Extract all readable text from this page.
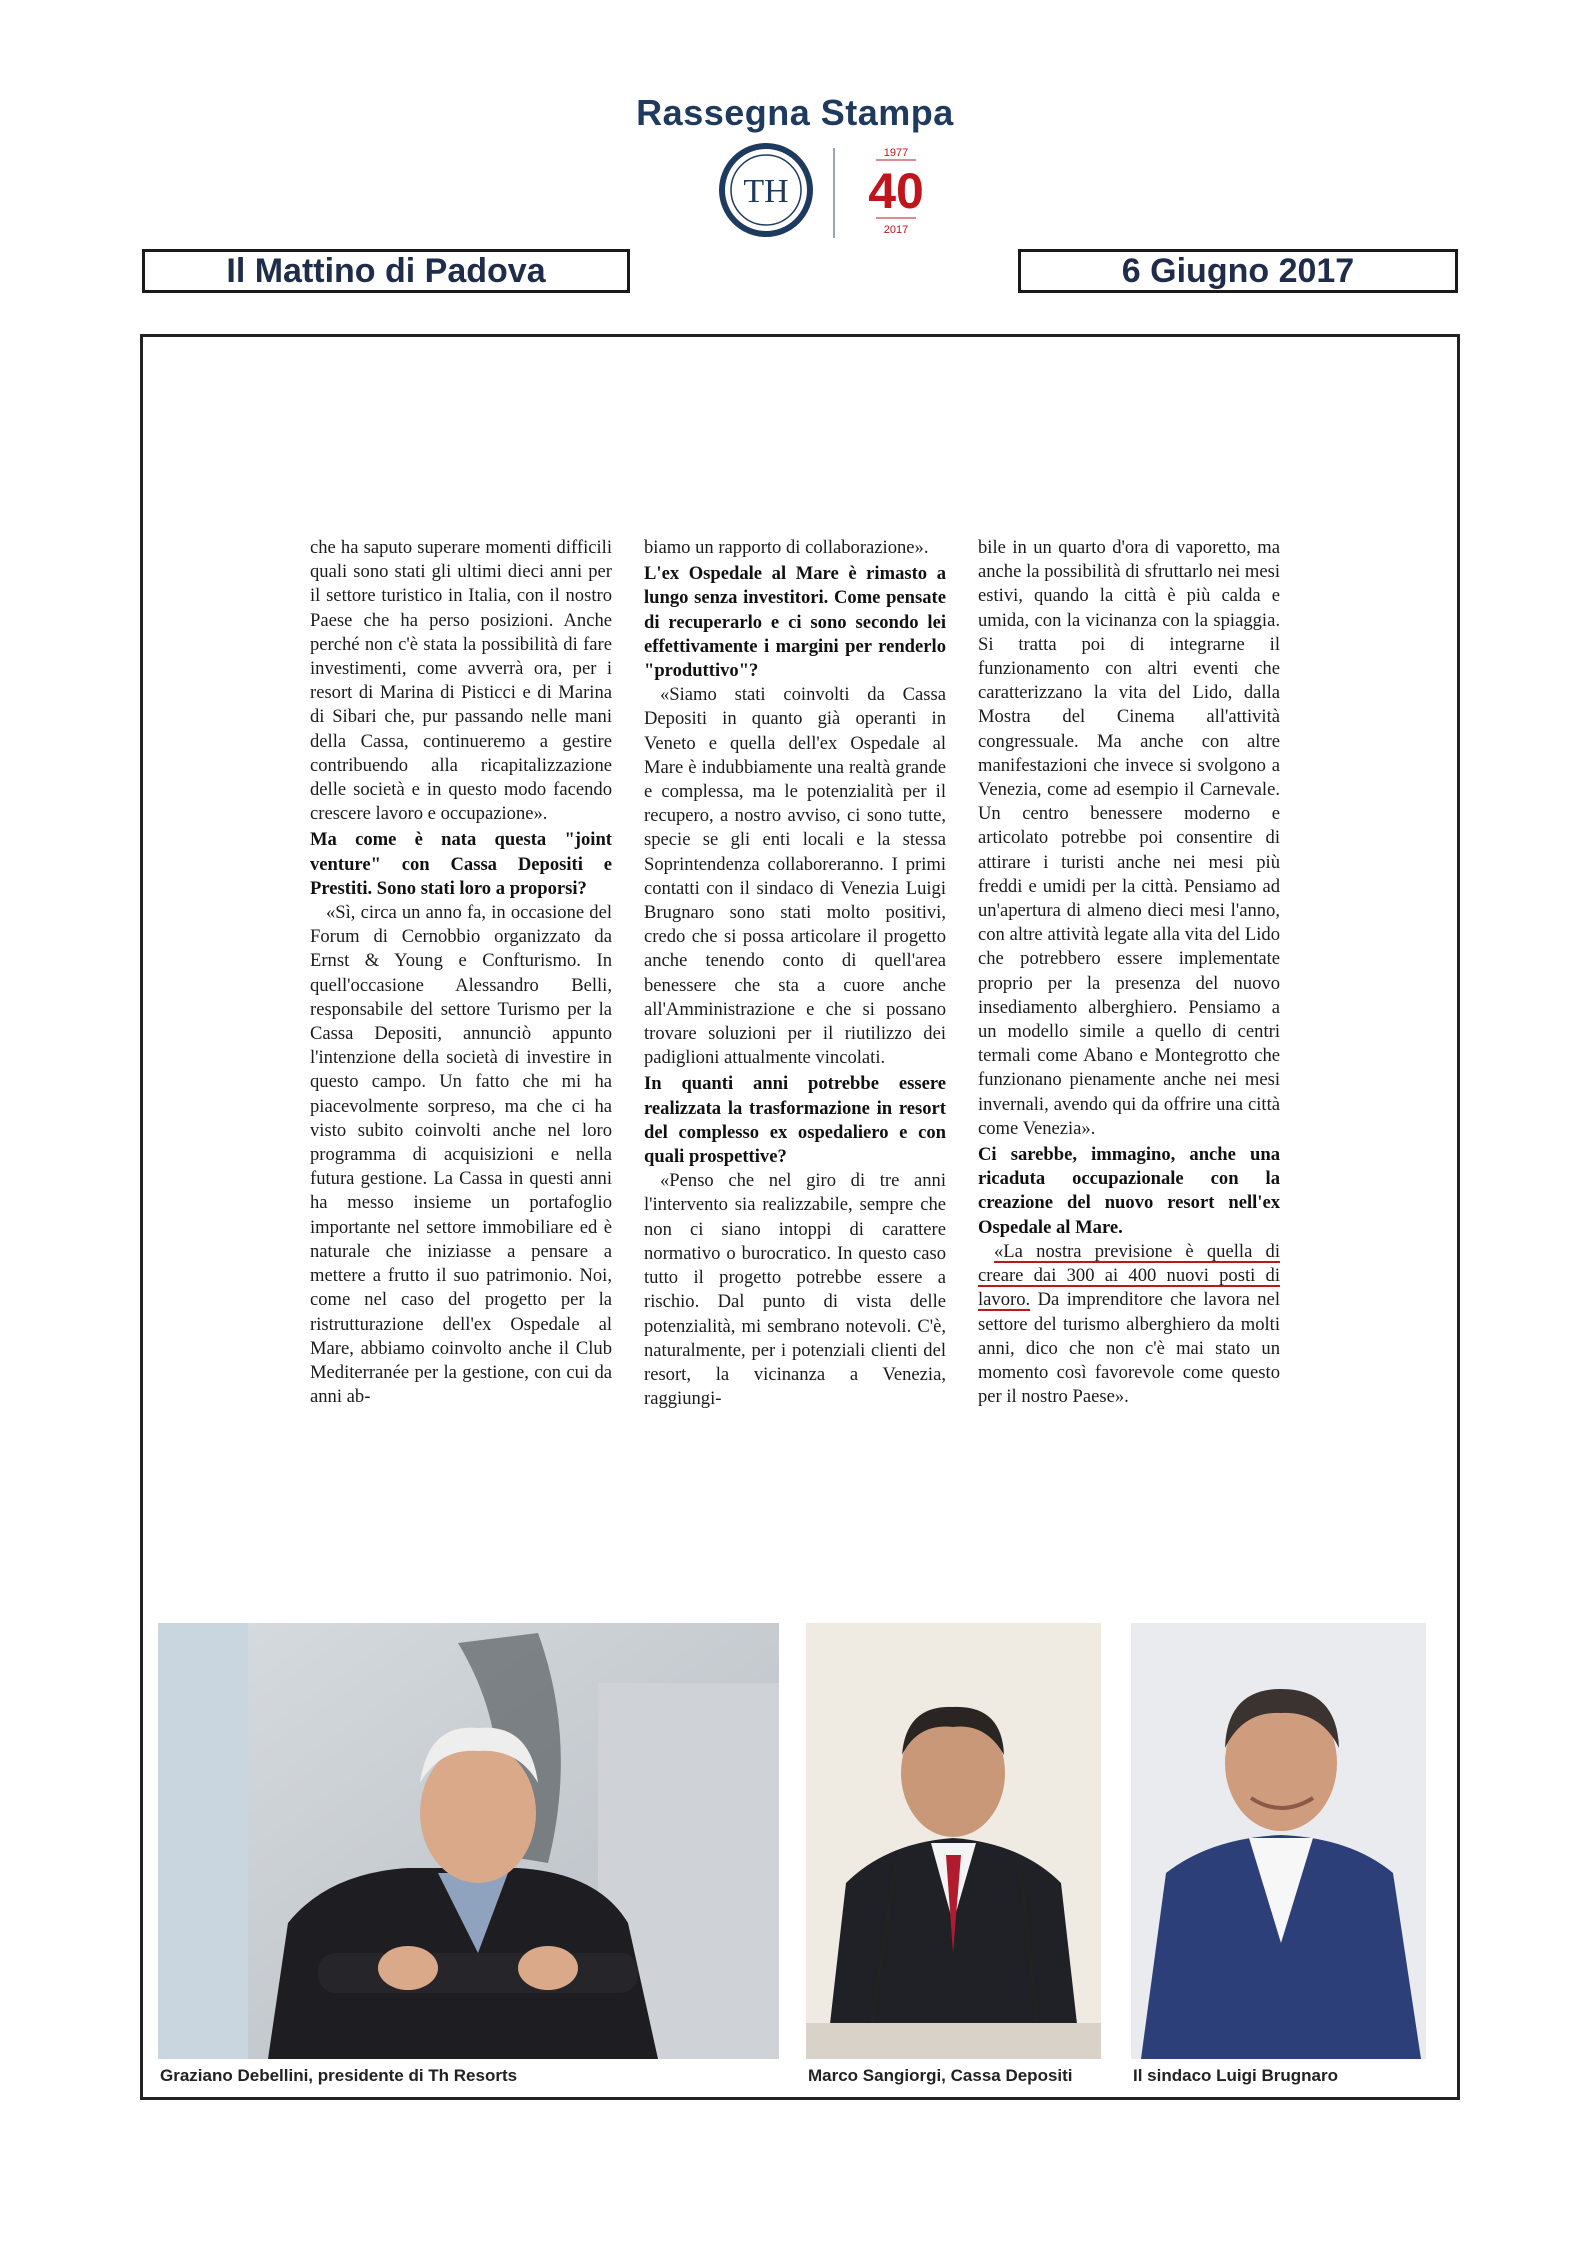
Rassegna Stampa
TH
1977
40
2017
Il Mattino di Padova	6 Giugno 2017

che ha saputo superare momenti difficili quali sono stati gli ultimi dieci anni per il settore turistico in Italia, con il nostro Paese che ha perso posizioni. Anche perché non c'è stata la possibilità di fare investimenti, come avverrà ora, per i resort di Marina di Pisticci e di Marina di Sibari che, pur passando nelle mani della Cassa, continueremo a gestire contribuendo alla ricapitalizzazione delle società e in questo modo facendo crescere lavoro e occupazione».

Ma come è nata questa "joint venture" con Cassa Depositi e Prestiti. Sono stati loro a proporsi?

«Sì, circa un anno fa, in occasione del Forum di Cernobbio organizzato da Ernst & Young e Confturismo. In quell'occasione Alessandro Belli, responsabile del settore Turismo per la Cassa Depositi, annunciò appunto l'intenzione della società di investire in questo campo. Un fatto che mi ha piacevolmente sorpreso, ma che ci ha visto subito coinvolti anche nel loro programma di acquisizioni e nella futura gestione. La Cassa in questi anni ha messo insieme un portafoglio importante nel settore immobiliare ed è naturale che iniziasse a pensare a mettere a frutto il suo patrimonio. Noi, come nel caso del progetto per la ristrutturazione dell'ex Ospedale al Mare, abbiamo coinvolto anche il Club Mediterranée per la gestione, con cui da anni ab-

biamo un rapporto di collaborazione».

L'ex Ospedale al Mare è rimasto a lungo senza investitori. Come pensate di recuperarlo e ci sono secondo lei effettivamente i margini per renderlo "produttivo"?

«Siamo stati coinvolti da Cassa Depositi in quanto già operanti in Veneto e quella dell'ex Ospedale al Mare è indubbiamente una realtà grande e complessa, ma le potenzialità per il recupero, a nostro avviso, ci sono tutte, specie se gli enti locali e la stessa Soprintendenza collaboreranno. I primi contatti con il sindaco di Venezia Luigi Brugnaro sono stati molto positivi, credo che si possa articolare il progetto anche tenendo conto di quell'area benessere che sta a cuore anche all'Amministrazione e che si possano trovare soluzioni per il riutilizzo dei padiglioni attualmente vincolati.

In quanti anni potrebbe essere realizzata la trasformazione in resort del complesso ex ospedaliero e con quali prospettive?

«Penso che nel giro di tre anni l'intervento sia realizzabile, sempre che non ci siano intoppi di carattere normativo o burocratico. In questo caso tutto il progetto potrebbe essere a rischio. Dal punto di vista delle potenzialità, mi sembrano notevoli. C'è, naturalmente, per i potenziali clienti del resort, la vicinanza a Venezia, raggiungi-

bile in un quarto d'ora di vaporetto, ma anche la possibilità di sfruttarlo nei mesi estivi, quando la città è più calda e umida, con la vicinanza con la spiaggia. Si tratta poi di integrarne il funzionamento con altri eventi che caratterizzano la vita del Lido, dalla Mostra del Cinema all'attività congressuale. Ma anche con altre manifestazioni che invece si svolgono a Venezia, come ad esempio il Carnevale. Un centro benessere moderno e articolato potrebbe poi consentire di attirare i turisti anche nei mesi più freddi e umidi per la città. Pensiamo ad un'apertura di almeno dieci mesi l'anno, con altre attività legate alla vita del Lido che potrebbero essere implementate proprio per la presenza del nuovo insediamento alberghiero. Pensiamo a un modello simile a quello di centri termali come Abano e Montegrotto che funzionano pienamente anche nei mesi invernali, avendo qui da offrire una città come Venezia».

Ci sarebbe, immagino, anche una ricaduta occupazionale con la creazione del nuovo resort nell'ex Ospedale al Mare.

«La nostra previsione è quella di creare dai 300 ai 400 nuovi posti di lavoro. Da imprenditore che lavora nel settore del turismo alberghiero da molti anni, dico che non c'è mai stato un momento così favorevole come questo per il nostro Paese».

Graziano Debellini, presidente di Th Resorts	Marco Sangiorgi, Cassa Depositi	Il sindaco Luigi Brugnaro
